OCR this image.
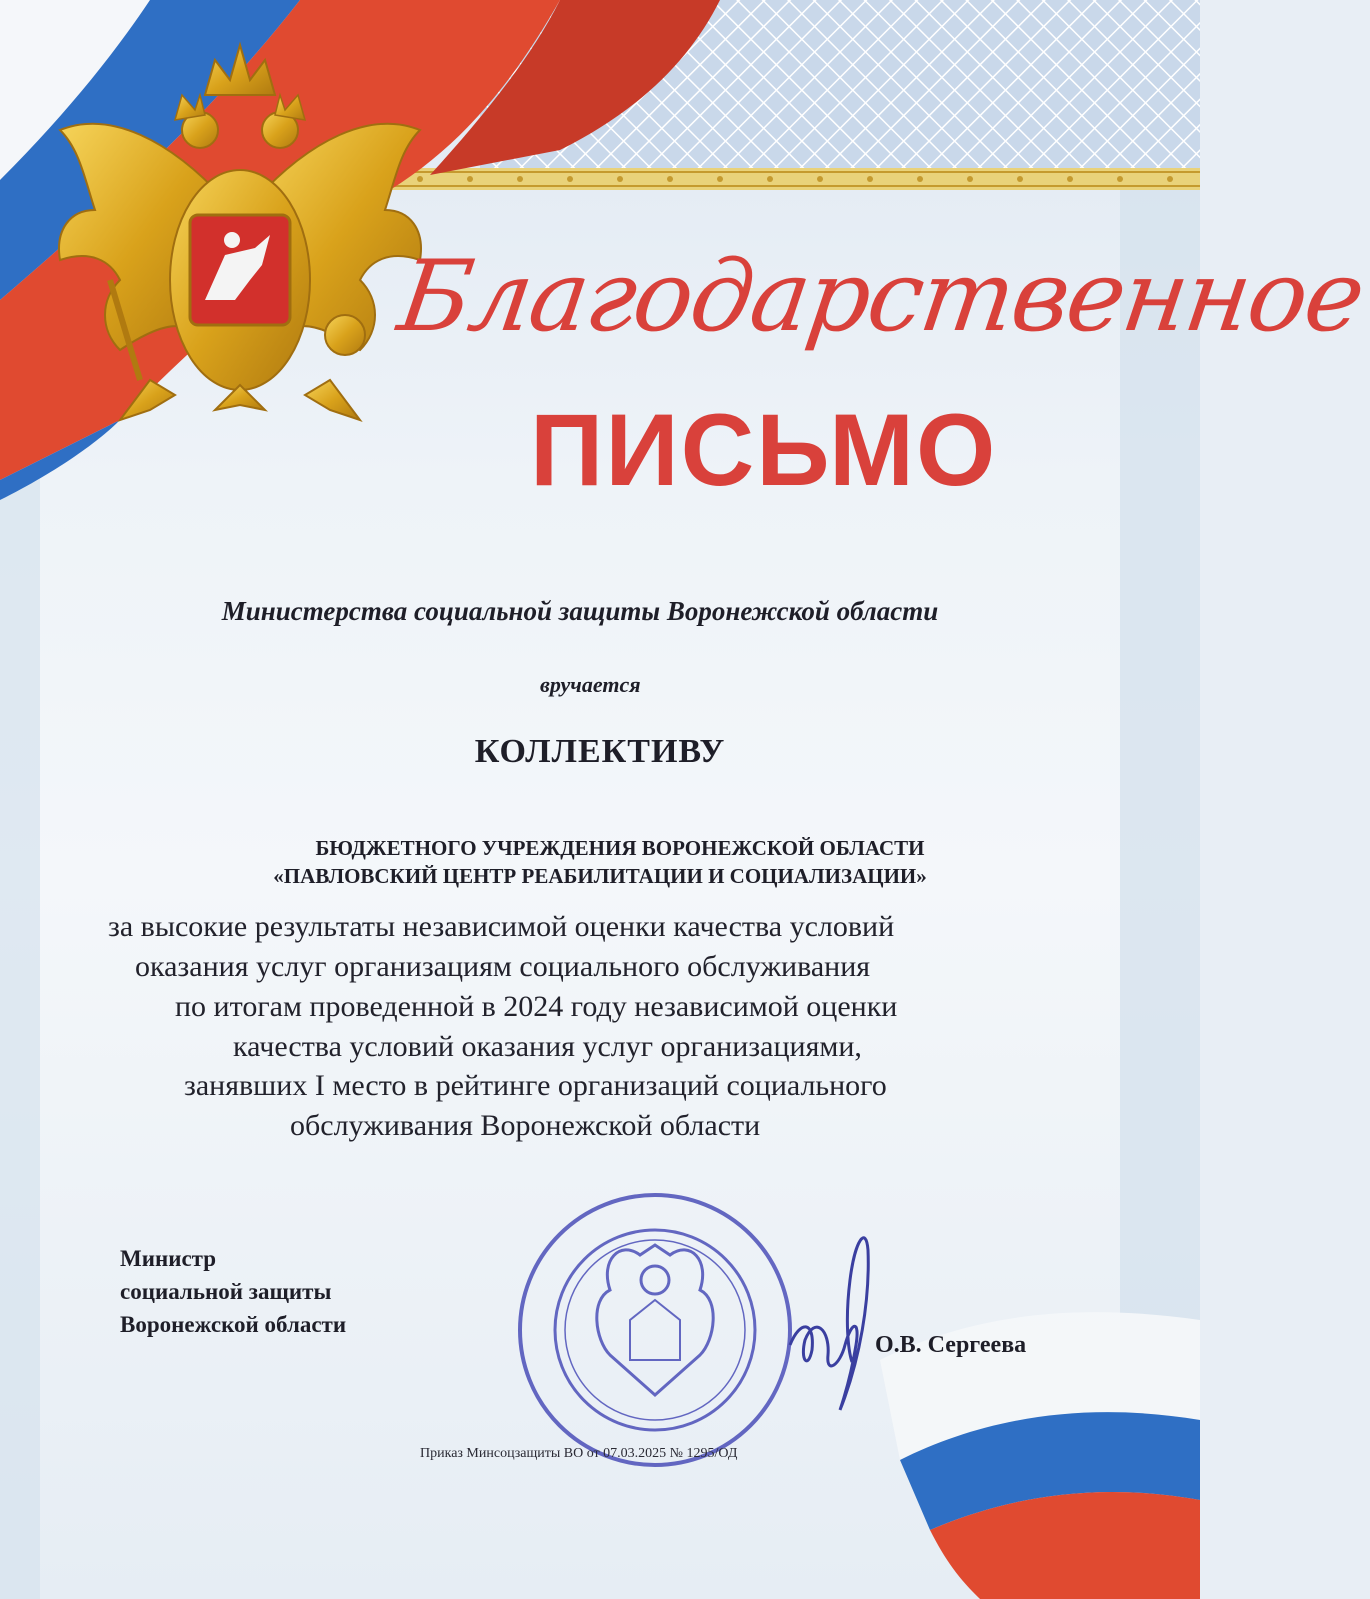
Благодарственное
ПИСЬМО
Министерства социальной защиты Воронежской области
вручается
КОЛЛЕКТИВУ
БЮДЖЕТНОГО УЧРЕЖДЕНИЯ ВОРОНЕЖСКОЙ ОБЛАСТИ
«ПАВЛОВСКИЙ ЦЕНТР РЕАБИЛИТАЦИИ И СОЦИАЛИЗАЦИИ»
за высокие результаты независимой оценки качества условий
оказания услуг организациям социального обслуживания
по итогам проведенной в 2024 году независимой оценки
качества условий оказания услуг организациями,
занявших I место в рейтинге организаций социального
обслуживания Воронежской области
Министр
социальной защиты
Воронежской области
О.В. Сергеева
Приказ Минсоцзащиты ВО от 07.03.2025 № 1295/ОД
